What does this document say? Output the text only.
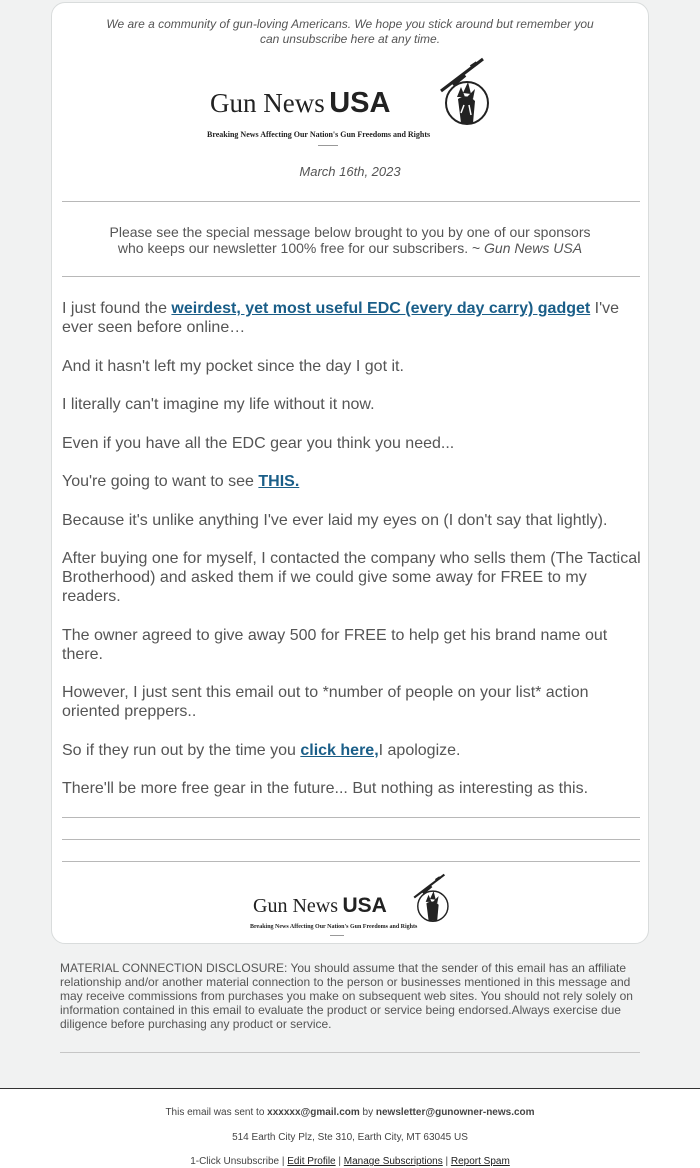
We are a community of gun-loving Americans. We hope you stick around but remember you
can unsubscribe here at any time.
Gun News USA
Breaking News Affecting Our Nation's Gun Freedoms and Rights
March 16th, 2023
Please see the special message below brought to you by one of our sponsors
who keeps our newsletter 100% free for our subscribers. ~ Gun News USA

I just found the weirdest, yet most useful EDC (every day carry) gadget I've ever seen before online…

And it hasn't left my pocket since the day I got it.

I literally can't imagine my life without it now.

Even if you have all the EDC gear you think you need...

You're going to want to see THIS.

Because it's unlike anything I've ever laid my eyes on (I don't say that lightly).

After buying one for myself, I contacted the company who sells them (The Tactical Brotherhood) and asked them if we could give some away for FREE to my readers.

The owner agreed to give away 500 for FREE to help get his brand name out there.

However, I just sent this email out to *number of people on your list* action oriented preppers..

So if they run out by the time you click here,I apologize.

There'll be more free gear in the future... But nothing as interesting as this.

Gun News USA
Breaking News Affecting Our Nation's Gun Freedoms and Rights
MATERIAL CONNECTION DISCLOSURE: You should assume that the sender of this email has an affiliate relationship and/or another material connection to the person or businesses mentioned in this message and may receive commissions from purchases you make on subsequent web sites. You should not rely solely on information contained in this email to evaluate the product or service being endorsed.Always exercise due diligence before purchasing any product or service.
This email was sent to xxxxxx@gmail.com by newsletter@gunowner-news.com
514 Earth City Plz, Ste 310, Earth City, MT 63045 US
1-Click Unsubscribe | Edit Profile | Manage Subscriptions | Report Spam
